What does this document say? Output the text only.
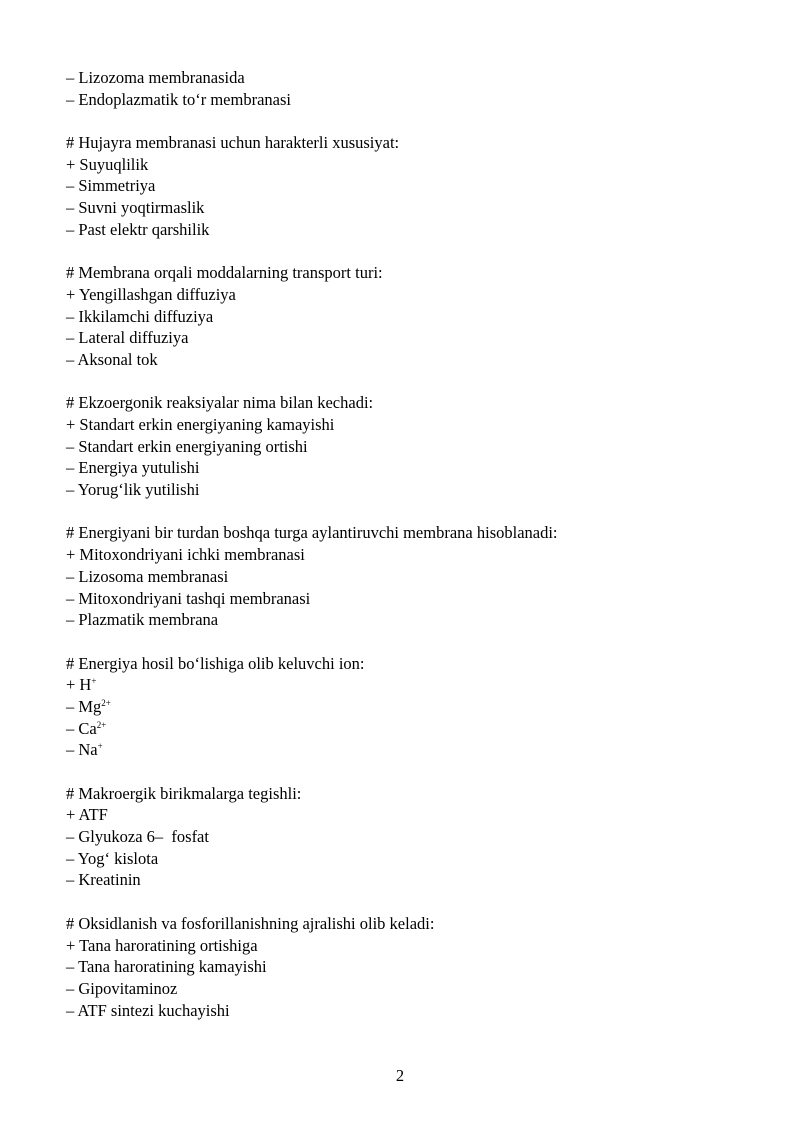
– Lizozoma membranasida
– Endoplazmatik to‘r membranasi
# Hujayra membranasi uchun harakterli xususiyat:
+ Suyuqlilik
– Simmetriya
– Suvni yoqtirmaslik
– Past elektr qarshilik
# Membrana orqali moddalarning transport turi:
+ Yengillashgan diffuziya
– Ikkilamchi diffuziya
– Lateral diffuziya
– Aksonal tok
# Ekzoergonik reaksiyalar nima bilan kechadi:
+ Standart erkin energiyaning kamayishi
– Standart erkin energiyaning ortishi
– Energiya yutulishi
– Yorug‘lik yutilishi
# Energiyani bir turdan boshqa turga aylantiruvchi membrana hisoblanadi:
+ Mitoxondriyani ichki membranasi
– Lizosoma membranasi
– Mitoxondriyani tashqi membranasi
– Plazmatik membrana
# Energiya hosil bo‘lishiga olib keluvchi ion:
+ H+
– $Mg^{2+}$
– $Ca^{2+}$
– Na+
# Makroergik birikmalarga tegishli:
+ ATF
– Glyukoza 6–  fosfat
– Yog‘ kislota
– Kreatinin
# Oksidlanish va fosforillanishning ajralishi olib keladi:
+ Tana haroratining ortishiga
– Tana haroratining kamayishi
– Gipovitaminoz
– ATF sintezi kuchayishi
2
